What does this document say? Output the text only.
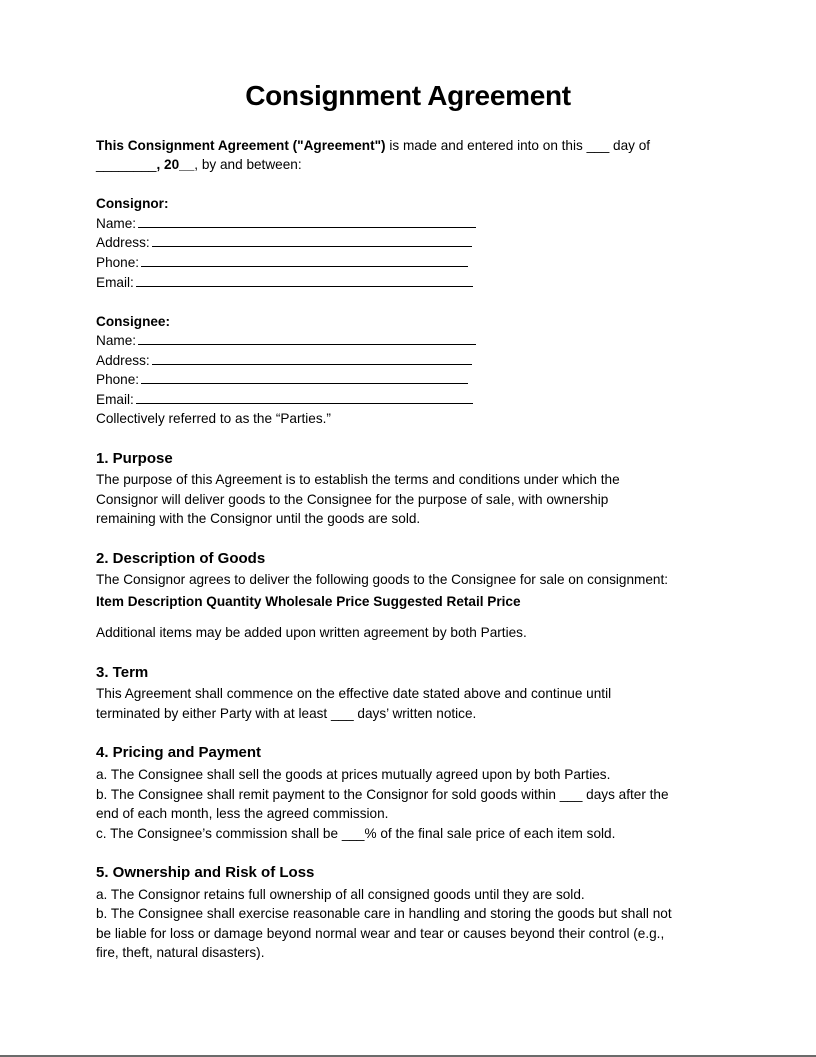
Consignment Agreement
This Consignment Agreement ("Agreement") is made and entered into on this ___ day of
________, 20__, by and between:
Consignor:
Name:
Address:
Phone:
Email:
Consignee:
Name:
Address:
Phone:
Email:
Collectively referred to as the “Parties.”
1. Purpose
The purpose of this Agreement is to establish the terms and conditions under which the
Consignor will deliver goods to the Consignee for the purpose of sale, with ownership
remaining with the Consignor until the goods are sold.
2. Description of Goods
The Consignor agrees to deliver the following goods to the Consignee for sale on consignment:
Item Description Quantity Wholesale Price Suggested Retail Price
Additional items may be added upon written agreement by both Parties.
3. Term
This Agreement shall commence on the effective date stated above and continue until
terminated by either Party with at least ___ days’ written notice.
4. Pricing and Payment
a. The Consignee shall sell the goods at prices mutually agreed upon by both Parties.
b. The Consignee shall remit payment to the Consignor for sold goods within ___ days after the
end of each month, less the agreed commission.
c. The Consignee’s commission shall be ___% of the final sale price of each item sold.
5. Ownership and Risk of Loss
a. The Consignor retains full ownership of all consigned goods until they are sold.
b. The Consignee shall exercise reasonable care in handling and storing the goods but shall not
be liable for loss or damage beyond normal wear and tear or causes beyond their control (e.g.,
fire, theft, natural disasters).
